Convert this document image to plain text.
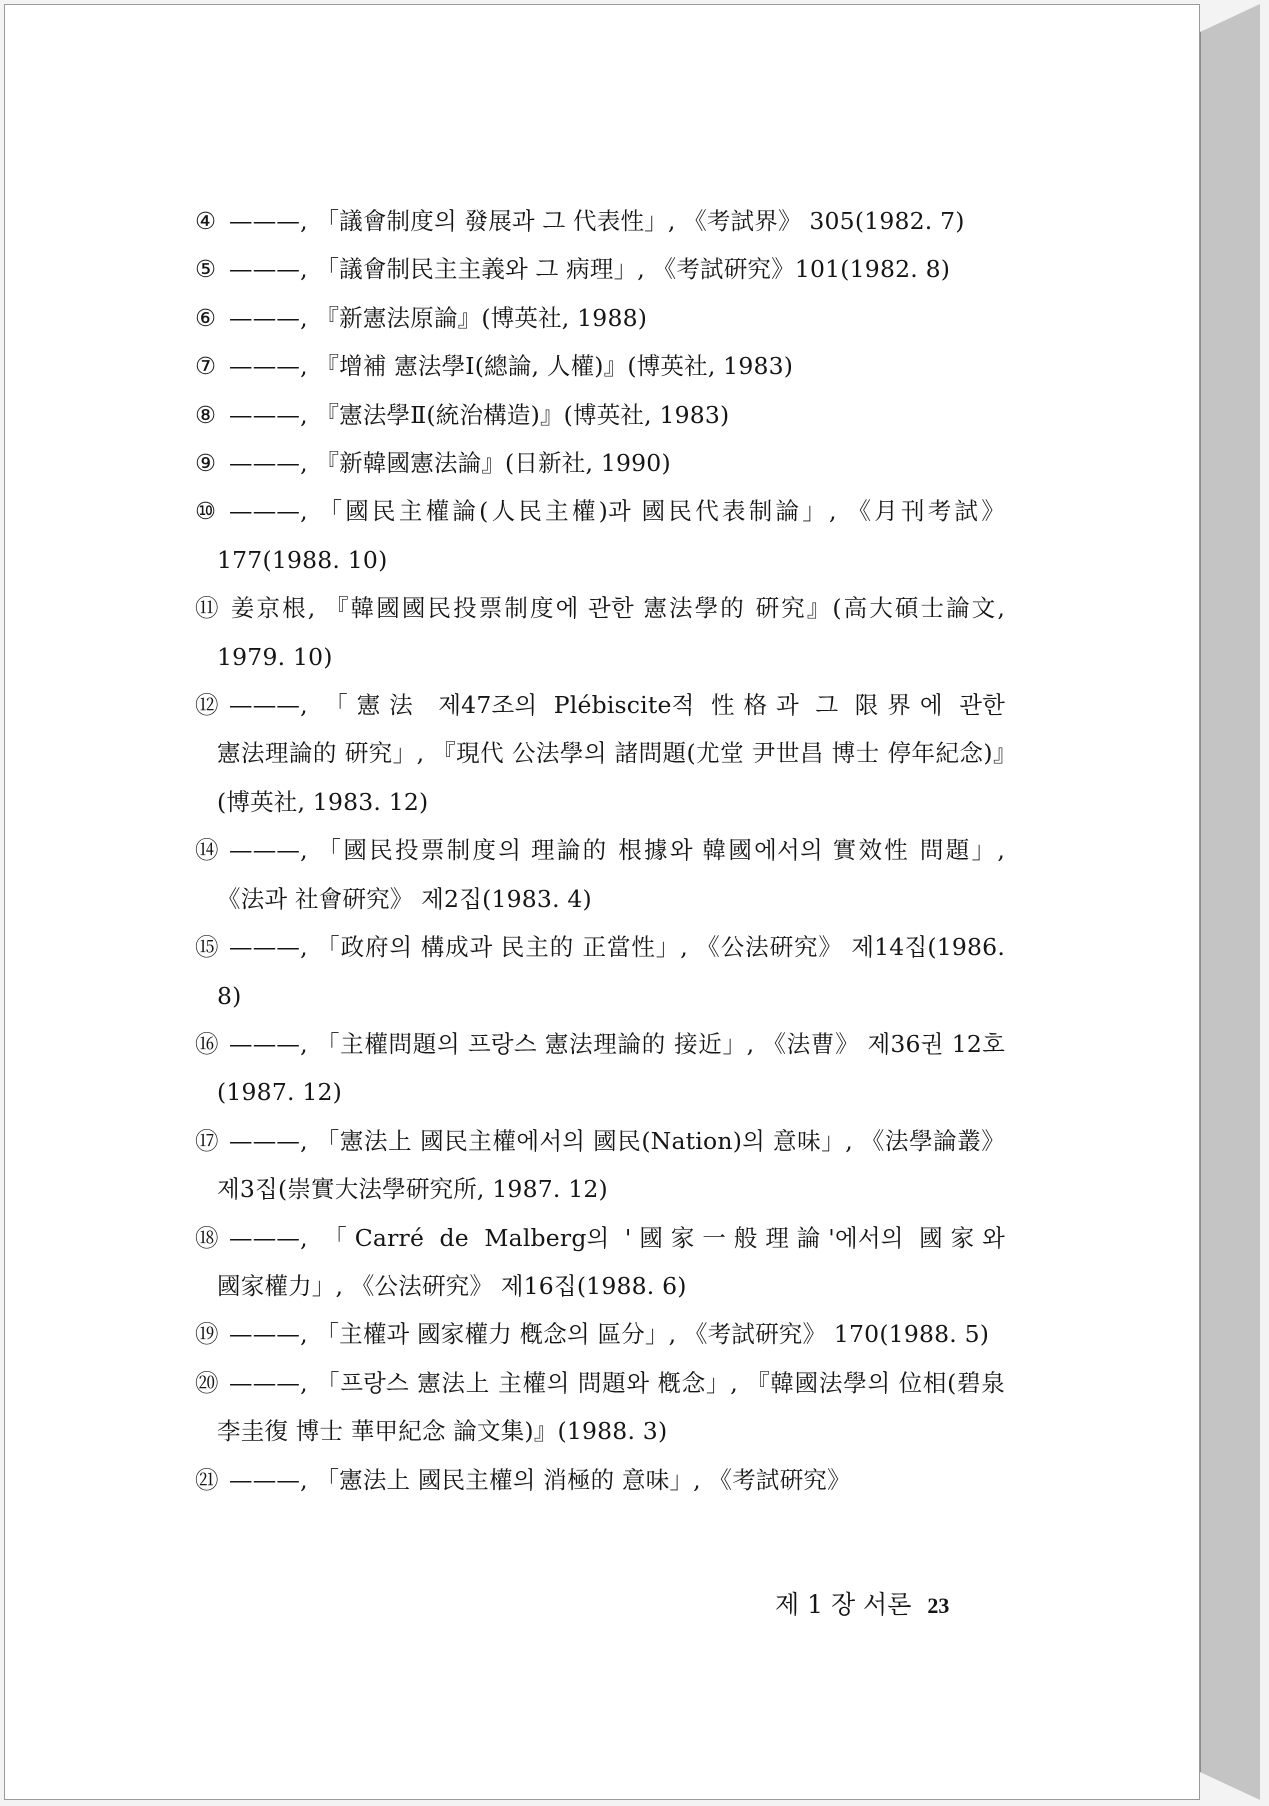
④ ———, 「議會制度의 發展과 그 代表性」, 《考試界》 305(1982. 7)
⑤ ———, 「議會制民主主義와 그 病理」, 《考試硏究》101(1982. 8)
⑥ ———, 『新憲法原論』(博英社, 1988)
⑦ ———, 『增補 憲法學Ⅰ(總論, 人權)』(博英社, 1983)
⑧ ———, 『憲法學Ⅱ(統治構造)』(博英社, 1983)
⑨ ———, 『新韓國憲法論』(日新社, 1990)
⑩ ———, 「國民主權論(人民主權)과 國民代表制論」, 《月刊考試》 177(1988. 10)
⑪ 姜京根, 『韓國國民投票制度에 관한 憲法學的 硏究』(高大碩士論文, 1979. 10)
⑫ ———, 「憲法 제47조의 Plébiscite적 性格과 그 限界에 관한 憲法理論的 硏究」, 『現代 公法學의 諸問題(尤堂 尹世昌 博士 停年紀念)』(博英社, 1983. 12)
⑭ ———, 「國民投票制度의 理論的 根據와 韓國에서의 實效性 問題」, 《法과 社會硏究》 제2집(1983. 4)
⑮ ———, 「政府의 構成과 民主的 正當性」, 《公法硏究》 제14집(1986. 8)
⑯ ———, 「主權問題의 프랑스 憲法理論的 接近」, 《法曹》 제36권 12호(1987. 12)
⑰ ———, 「憲法上 國民主權에서의 國民(Nation)의 意味」, 《法學論叢》 제3집(崇實大法學硏究所, 1987. 12)
⑱ ———, 「Carré de Malberg의 '國家一般理論'에서의 國家와 國家權力」, 《公法硏究》 제16집(1988. 6)
⑲ ———, 「主權과 國家權力 槪念의 區分」, 《考試硏究》 170(1988. 5)
⑳ ———, 「프랑스 憲法上 主權의 問題와 槪念」, 『韓國法學의 位相(碧泉 李圭復 博士 華甲紀念 論文集)』(1988. 3)
㉑ ———, 「憲法上 國民主權의 消極的 意味」, 《考試硏究》
제 1 장 서론 23
